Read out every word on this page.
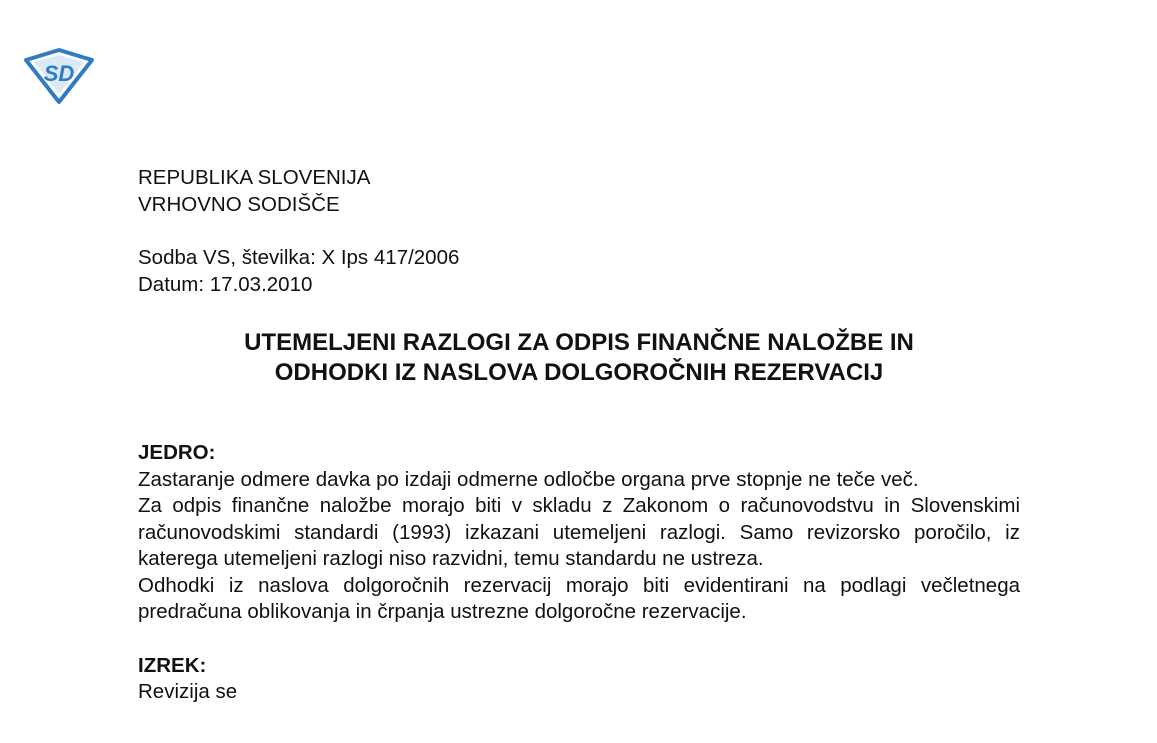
SD

REPUBLIKA SLOVENIJA

VRHOVNO SODIŠČE

Sodba VS, številka: X Ips 417/2006

Datum: 17.03.2010

UTEMELJENI RAZLOGI ZA ODPIS FINANČNE NALOŽBE IN
ODHODKI IZ NASLOVA DOLGOROČNIH REZERVACIJ

JEDRO:

Zastaranje odmere davka po izdaji odmerne odločbe organa prve stopnje ne teče več.

Za odpis finančne naložbe morajo biti v skladu z Zakonom o računovodstvu in Slovenskimi računovodskimi standardi (1993) izkazani utemeljeni razlogi. Samo revizorsko poročilo, iz katerega utemeljeni razlogi niso razvidni, temu standardu ne ustreza.

Odhodki iz naslova dolgoročnih rezervacij morajo biti evidentirani na podlagi večletnega predračuna oblikovanja in črpanja ustrezne dolgoročne rezervacije.

IZREK:

Revizija se
